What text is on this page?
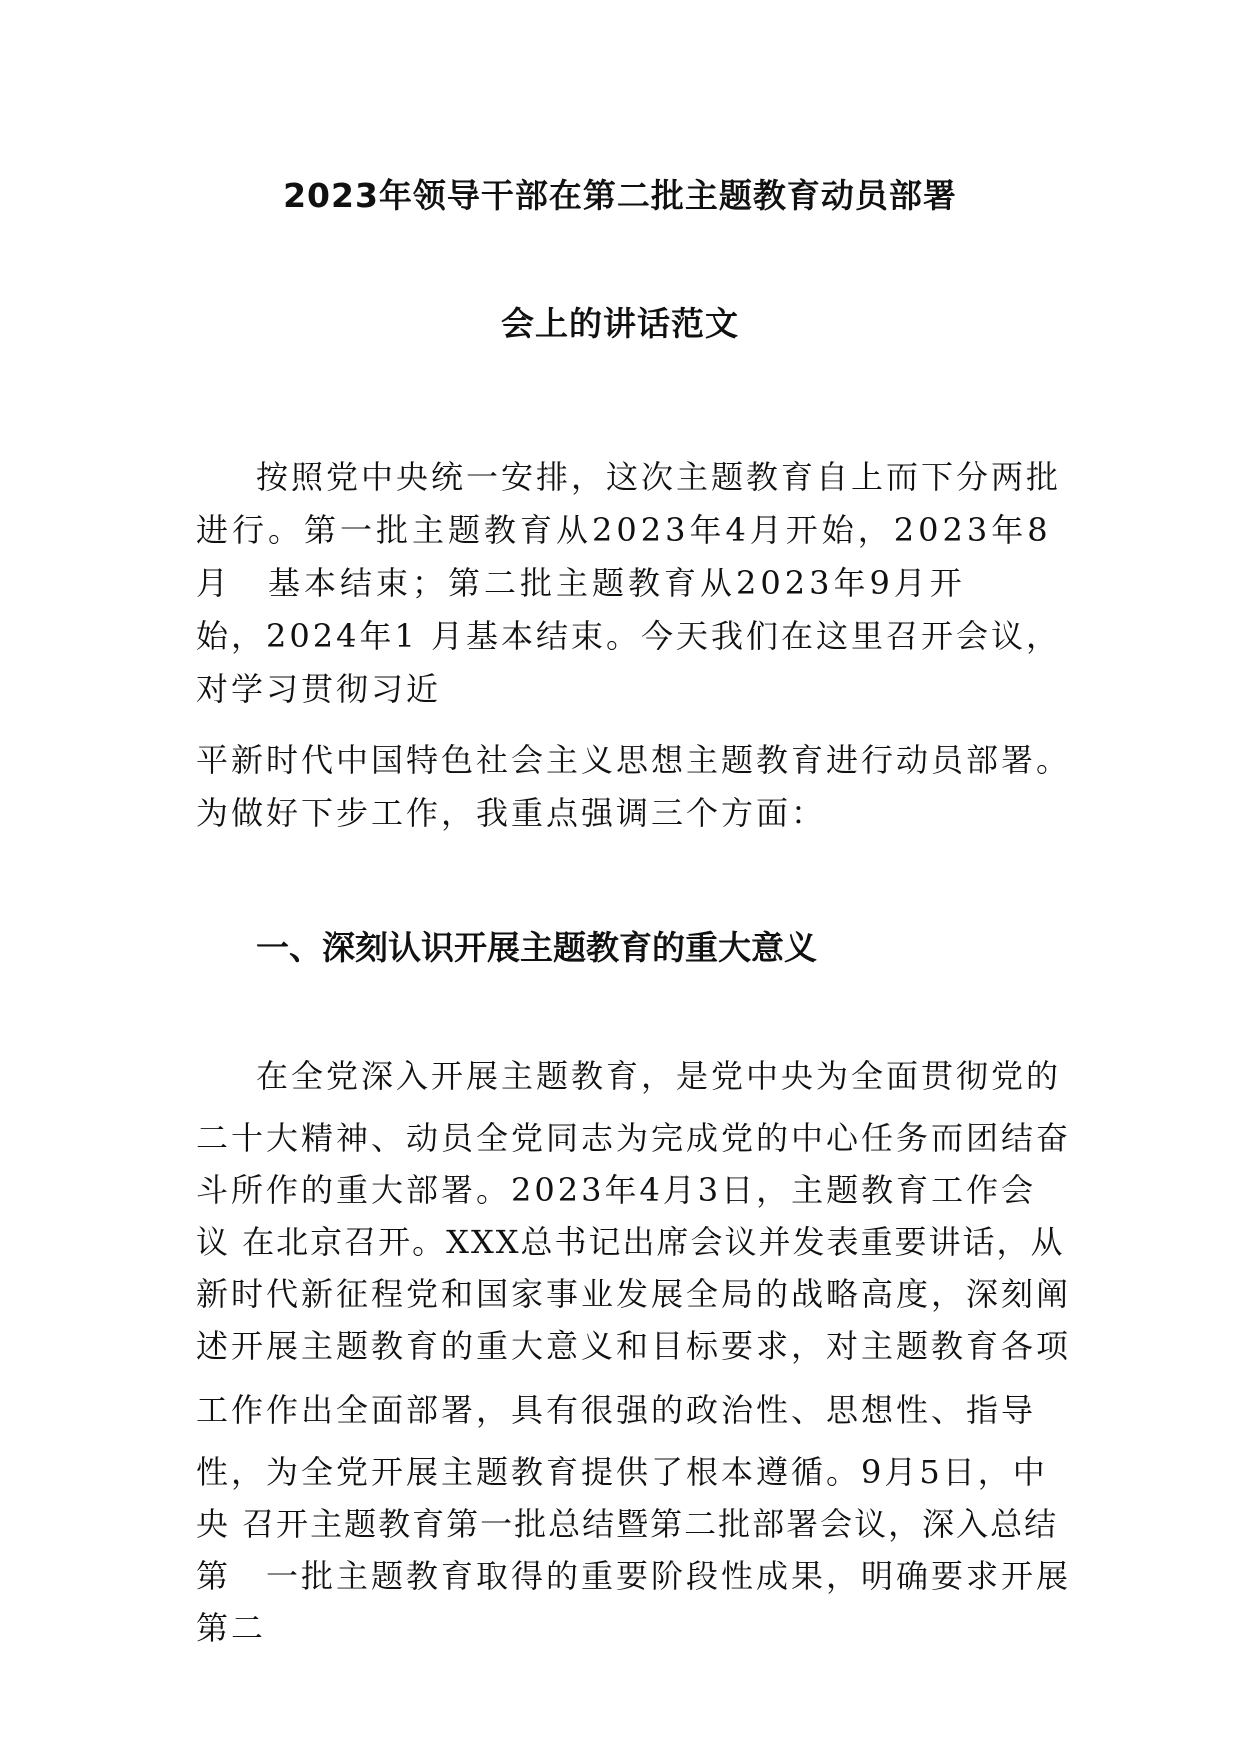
2023年领导干部在第二批主题教育动员部署
会上的讲话范文
按照党中央统一安排，这次主题教育自上而下分两批
进行。第一批主题教育从2023年4月开始，2023年8
月　基本结束；第二批主题教育从2023年9月开
始，2024年1 月基本结束。今天我们在这里召开会议，
对学习贯彻习近
平新时代中国特色社会主义思想主题教育进行动员部署。
为做好下步工作，我重点强调三个方面：
一、深刻认识开展主题教育的重大意义
在全党深入开展主题教育，是党中央为全面贯彻党的
二十大精神、动员全党同志为完成党的中心任务而团结奋
斗所作的重大部署。2023年4月3日，主题教育工作会
议 在北京召开。XXX总书记出席会议并发表重要讲话，从
新时代新征程党和国家事业发展全局的战略高度，深刻阐
述开展主题教育的重大意义和目标要求，对主题教育各项
工作作出全面部署，具有很强的政治性、思想性、指导
性，为全党开展主题教育提供了根本遵循。9月5日，中
央 召开主题教育第一批总结暨第二批部署会议，深入总结
第　一批主题教育取得的重要阶段性成果，明确要求开展
第二
